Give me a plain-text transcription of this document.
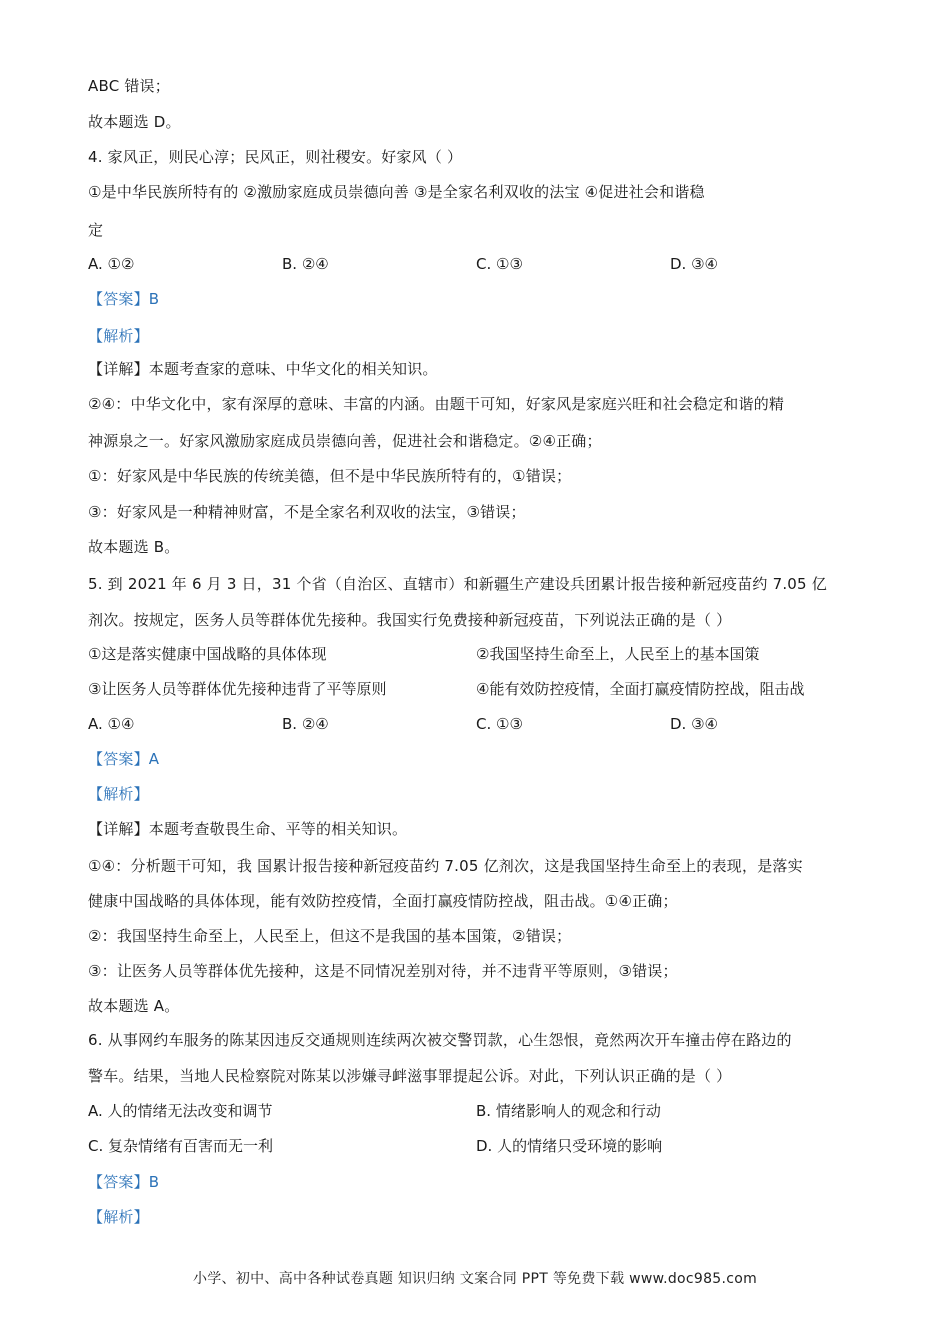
ABC 错误；
故本题选 D。
4. 家风正，则民心淳；民风正，则社稷安。好家风（ ）
①是中华民族所特有的 ②激励家庭成员崇德向善 ③是全家名利双收的法宝 ④促进社会和谐稳
定
A. ①②	B. ②④	C. ①③	D. ③④
【答案】B
【解析】
【详解】本题考查家的意味、中华文化的相关知识。
②④：中华文化中，家有深厚的意味、丰富的内涵。由题干可知，好家风是家庭兴旺和社会稳定和谐的精
神源泉之一。好家风激励家庭成员崇德向善，促进社会和谐稳定。②④正确；
①：好家风是中华民族的传统美德，但不是中华民族所特有的，①错误；
③：好家风是一种精神财富，不是全家名利双收的法宝，③错误；
故本题选 B。
5. 到 2021 年 6 月 3 日，31 个省（自治区、直辖市）和新疆生产建设兵团累计报告接种新冠疫苗约 7.05 亿
剂次。按规定，医务人员等群体优先接种。我国实行免费接种新冠疫苗，下列说法正确的是（ ）
①这是落实健康中国战略的具体体现	②我国坚持生命至上，人民至上的基本国策
③让医务人员等群体优先接种违背了平等原则	④能有效防控疫情，全面打赢疫情防控战，阻击战
A. ①④	B. ②④	C. ①③	D. ③④
【答案】A
【解析】
【详解】本题考查敬畏生命、平等的相关知识。
①④：分析题干可知，我 国累计报告接种新冠疫苗约 7.05 亿剂次，这是我国坚持生命至上的表现，是落实
健康中国战略的具体体现，能有效防控疫情，全面打赢疫情防控战，阻击战。①④正确；
②：我国坚持生命至上，人民至上，但这不是我国的基本国策，②错误；
③：让医务人员等群体优先接种，这是不同情况差别对待，并不违背平等原则，③错误；
故本题选 A。
6. 从事网约车服务的陈某因违反交通规则连续两次被交警罚款，心生怨恨，竟然两次开车撞击停在路边的
警车。结果，当地人民检察院对陈某以涉嫌寻衅滋事罪提起公诉。对此，下列认识正确的是（ ）
A. 人的情绪无法改变和调节	B. 情绪影响人的观念和行动
C. 复杂情绪有百害而无一利	D. 人的情绪只受环境的影响
【答案】B
【解析】
小学、初中、高中各种试卷真题 知识归纳 文案合同 PPT 等免费下载 www.doc985.com
